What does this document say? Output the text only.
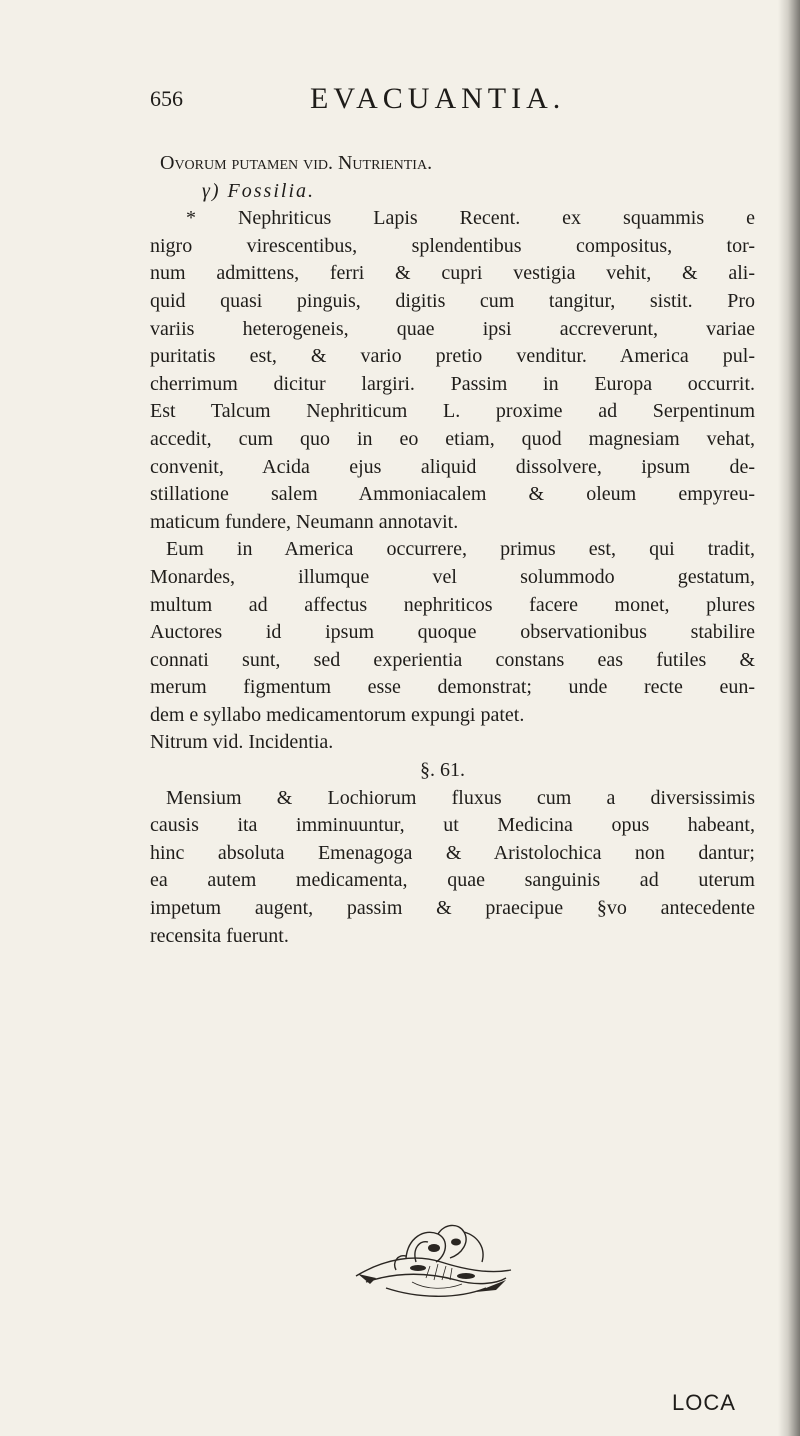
656	EVACUANTIA.
Ovorum putamen vid. Nutrientia.
γ) Fossilia.
* Nephriticus Lapis Recent. ex squammis e
nigro virescentibus, splendentibus compositus, tor-
num admittens, ferri & cupri vestigia vehit, & ali-
quid quasi pinguis, digitis cum tangitur, sistit. Pro
variis heterogeneis, quae ipsi accreverunt, variae
puritatis est, & vario pretio venditur. America pul-
cherrimum dicitur largiri. Passim in Europa occurrit.
Est Talcum Nephriticum L. proxime ad Serpentinum
accedit, cum quo in eo etiam, quod magnesiam vehat,
convenit, Acida ejus aliquid dissolvere, ipsum de-
stillatione salem Ammoniacalem & oleum empyreu-
maticum fundere, Neumann annotavit.
Eum in America occurrere, primus est, qui tradit,
Monardes, illumque vel solummodo gestatum,
multum ad affectus nephriticos facere monet, plures
Auctores id ipsum quoque observationibus stabilire
connati sunt, sed experientia constans eas futiles &
merum figmentum esse demonstrat; unde recte eun-
dem e syllabo medicamentorum expungi patet.
Nitrum vid. Incidentia.
§. 61.
Mensium & Lochiorum fluxus cum a diversissimis
causis ita imminuuntur, ut Medicina opus habeant,
hinc absoluta Emenagoga & Aristolochica non dantur;
ea autem medicamenta, quae sanguinis ad uterum
impetum augent, passim & praecipue §vo antecedente
recensita fuerunt.
LOCA
